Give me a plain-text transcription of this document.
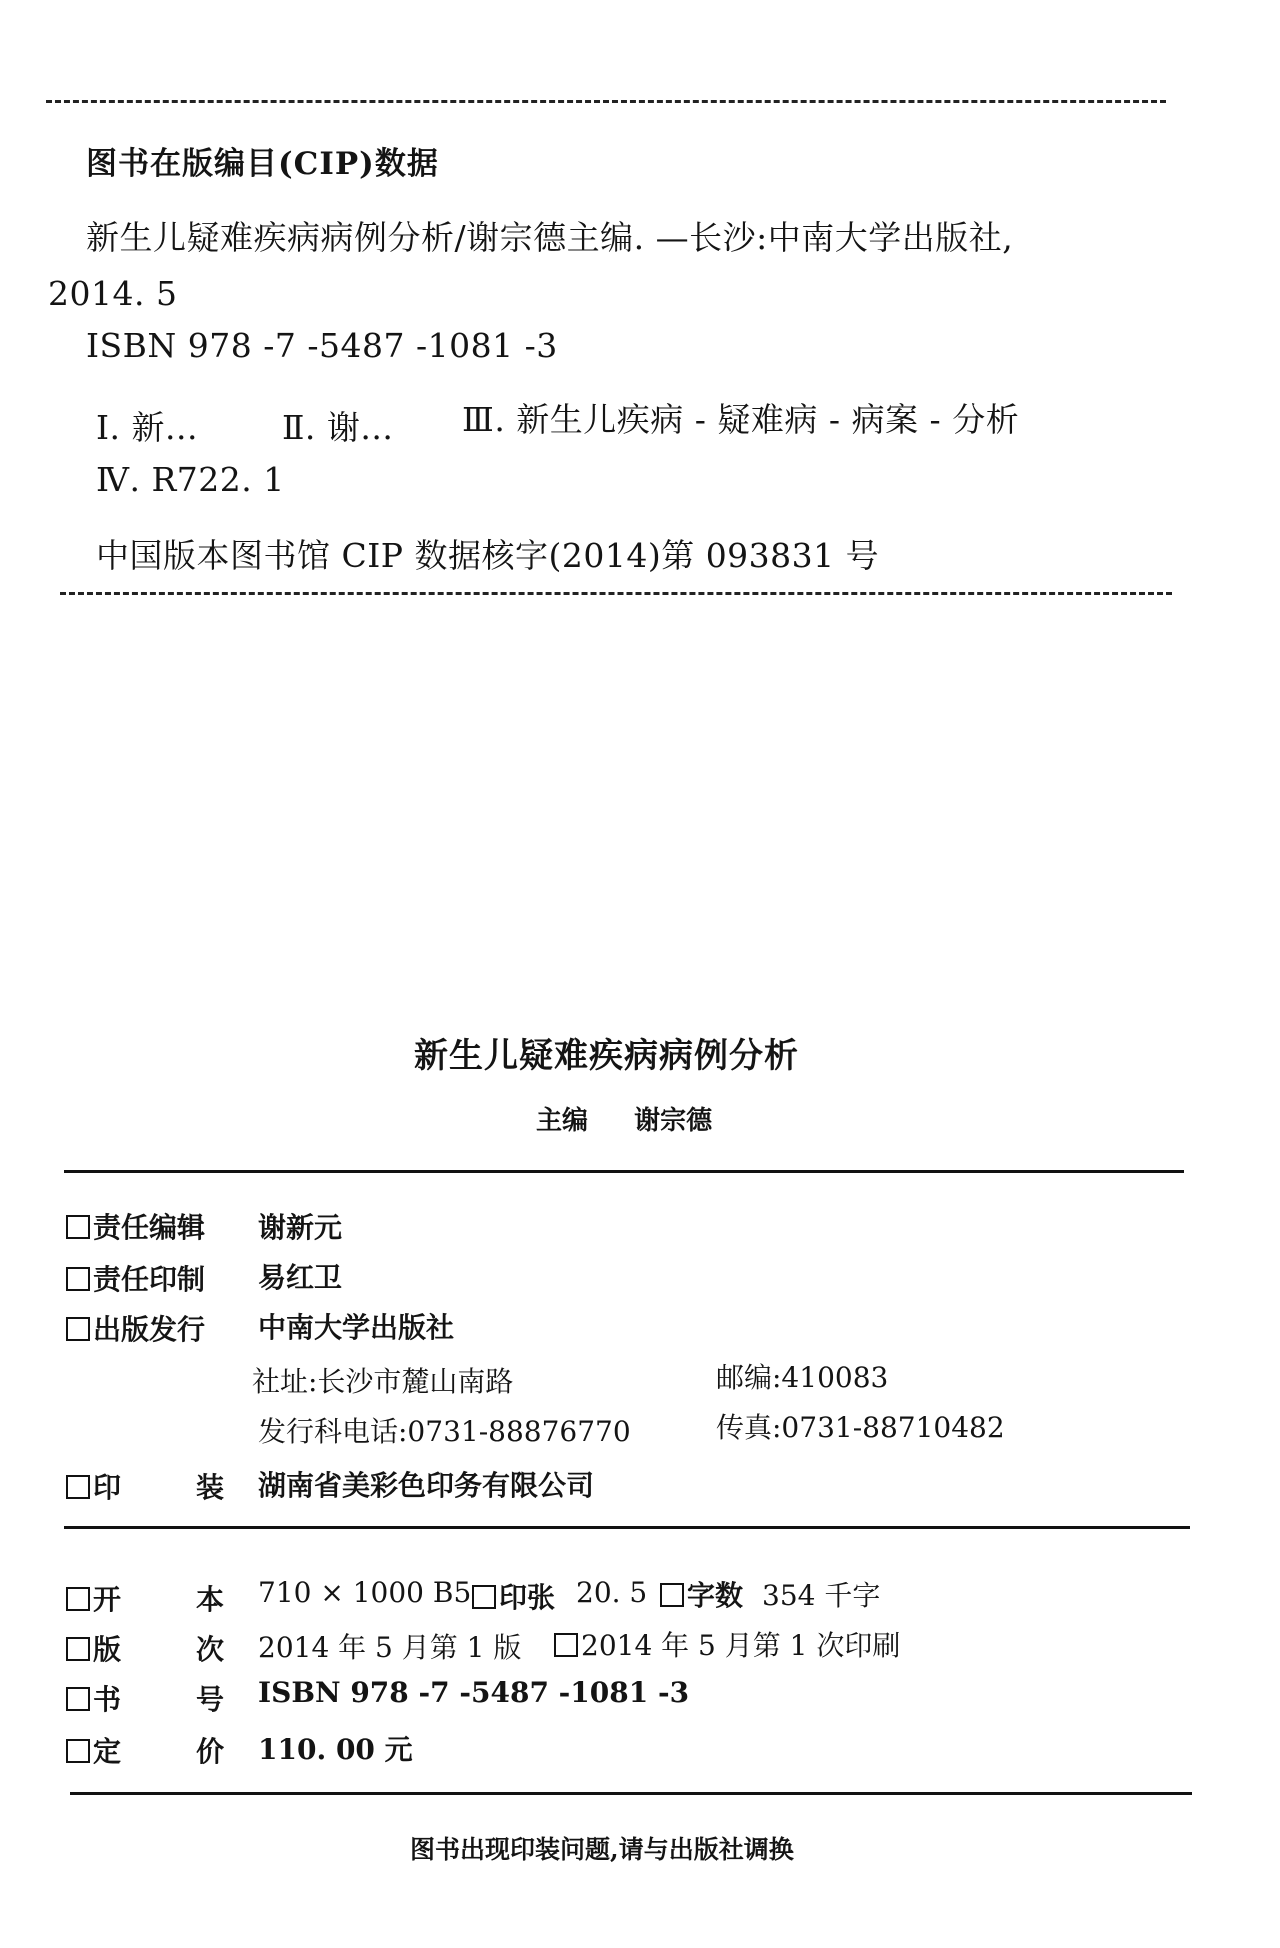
图书在版编目(CIP)数据
新生儿疑难疾病病例分析/谢宗德主编. —长沙:中南大学出版社,
2014. 5
ISBN 978 -7 -5487 -1081 -3
Ⅰ. 新...	Ⅱ. 谢... Ⅲ. 新生儿疾病 - 疑难病 - 病案 - 分析
Ⅳ. R722. 1
中国版本图书馆 CIP 数据核字(2014)第 093831 号
新生儿疑难疾病病例分析
主编 谢宗德
责任编辑 谢新元
责任印制 易红卫
出版发行 中南大学出版社
社址:长沙市麓山南路	邮编:410083
发行科电话:0731-88876770	传真:0731-88710482
印	装 湖南省美彩色印务有限公司
开	本 710 × 1000 B5 印张 20. 5	字数 354 千字
版	次 2014 年 5 月第 1 版	2014 年 5 月第 1 次印刷
书	号 ISBN 978 -7 -5487 -1081 -3
定	价 110. 00 元
图书出现印装问题,请与出版社调换
